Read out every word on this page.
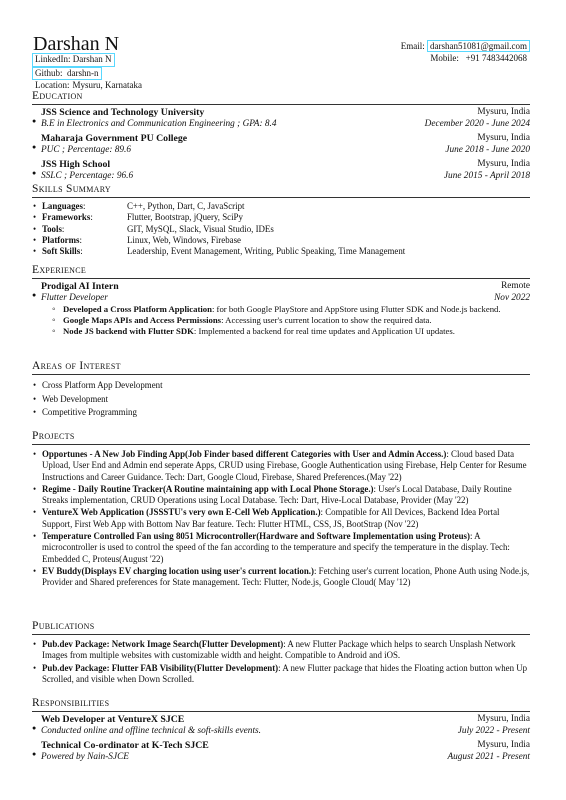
Darshan N
LinkedIn: Darshan N
Github: darshn-n
Location: Mysuru, Karnataka
Email: darshan51081@gmail.com
Mobile: +91 7483442068
Education
●
JSS Science and Technology University	Mysuru, India
B.E in Electronics and Communication Engineering ; GPA: 8.4	December 2020 - June 2024
●
Maharaja Government PU College	Mysuru, India
PUC ; Percentage: 89.6	June 2018 - June 2020
●
JSS High School	Mysuru, India
SSLC ; Percentage: 96.6	June 2015 - April 2018
Skills Summary
• Languages :	C++, Python, Dart, C, JavaScript
• Frameworks :	Flutter, Bootstrap, jQuery, SciPy
• Tools :	GIT, MySQL, Slack, Visual Studio, IDEs
• Platforms :	Linux, Web, Windows, Firebase
• Soft Skills :	Leadership, Event Management, Writing, Public Speaking, Time Management
Experience
●
Prodigal AI Intern	Remote
Flutter Developer	Nov 2022
◦ Developed a Cross Platform Application: for both Google PlayStore and AppStore using Flutter SDK and Node.js backend.
◦ Google Maps APIs and Access Permissions: Accessing user's current location to show the required data.
◦ Node JS backend with Flutter SDK: Implemented a backend for real time updates and Application UI updates.
Areas of Interest
• Cross Platform App Development
• Web Development
• Competitive Programming
Projects
• Opportunes - A New Job Finding App(Job Finder based different Categories with User and Admin Access.): Cloud based Data Upload, User End and Admin end seperate Apps, CRUD using Firebase, Google Authentication using Firebase, Help Center for Resume Instructions and Career Guidance. Tech: Dart, Google Cloud, Firebase, Shared Preferences.(May '22)
• Regime - Daily Routine Tracker(A Routine maintaining app with Local Phone Storage.): User's Local Database, Daily Routine Streaks implementation, CRUD Operations using Local Database. Tech: Dart, Hive-Local Database, Provider (May '22)
• VentureX Web Application (JSSSTU's very own E-Cell Web Application.): Compatible for All Devices, Backend Idea Portal Support, First Web App with Bottom Nav Bar feature. Tech: Flutter HTML, CSS, JS, BootStrap (Nov '22)
• Temperature Controlled Fan using 8051 Microcontroller(Hardware and Software Implementation using Proteus): A microcontroller is used to control the speed of the fan according to the temperature and specify the temperature in the display. Tech: Embedded C, Proteus(August '22)
• EV Buddy(Displays EV charging location using user's current location.): Fetching user's current location, Phone Auth using Node.js, Provider and Shared preferences for State management. Tech: Flutter, Node.js, Google Cloud( May '12)
Publications
• Pub.dev Package: Network Image Search(Flutter Development): A new Flutter Package which helps to search Unsplash Network Images from multiple websites with customizable width and height. Compatible to Android and iOS.
• Pub.dev Package: Flutter FAB Visibility(Flutter Development): A new Flutter package that hides the Floating action button when Up Scrolled, and visible when Down Scrolled.
Responsibilities
●
Web Developer at VentureX SJCE	Mysuru, India
Conducted online and offline technical & soft-skills events.	July 2022 - Present
●
Technical Co-ordinator at K-Tech SJCE	Mysuru, India
Powered by Nain-SJCE	August 2021 - Present
